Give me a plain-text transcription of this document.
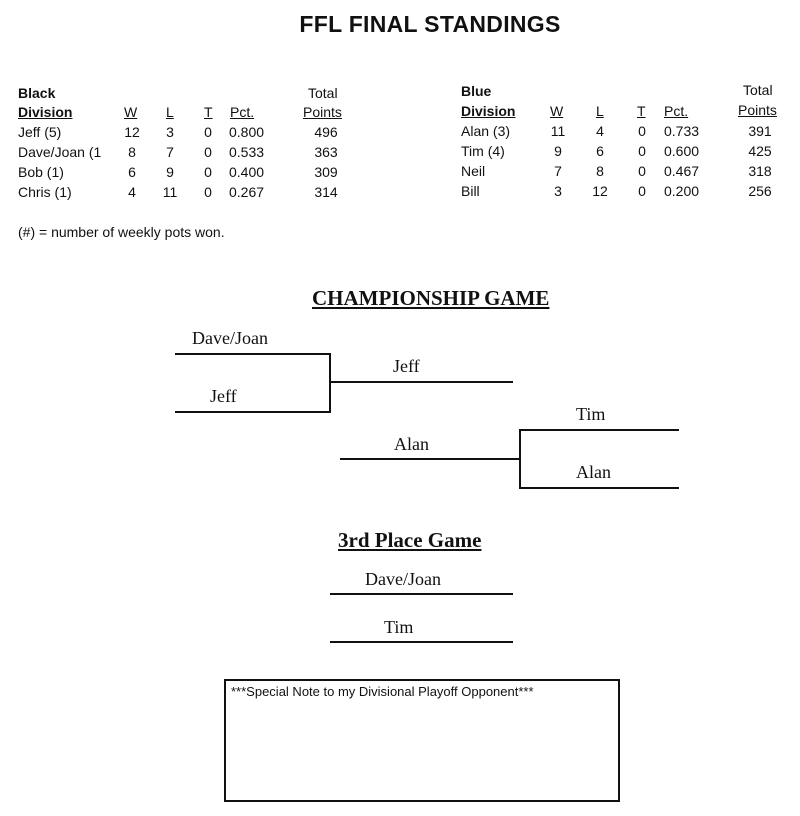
FFL FINAL STANDINGS
Black
Division	W L T Pct.
Total
Points
Jeff (5)	12	3	0	0.800	496
Dave/Joan (1	8	7	0	0.533	363
Bob (1)	6	9	0	0.400	309
Chris (1)	4	11	0	0.267	314
Blue
Division W L T Pct.
Total
Points
Alan (3)	11	4	0	0.733	391
Tim (4)	9	6	0	0.600	425
Neil	7	8	0	0.467	318
Bill	3	12	0	0.200	256
(#) = number of weekly pots won.
CHAMPIONSHIP GAME
Dave/Joan
Jeff
Jeff
Tim
Alan
Alan
3rd Place Game
Dave/Joan
Tim
***Special Note to my Divisional Playoff Opponent***
